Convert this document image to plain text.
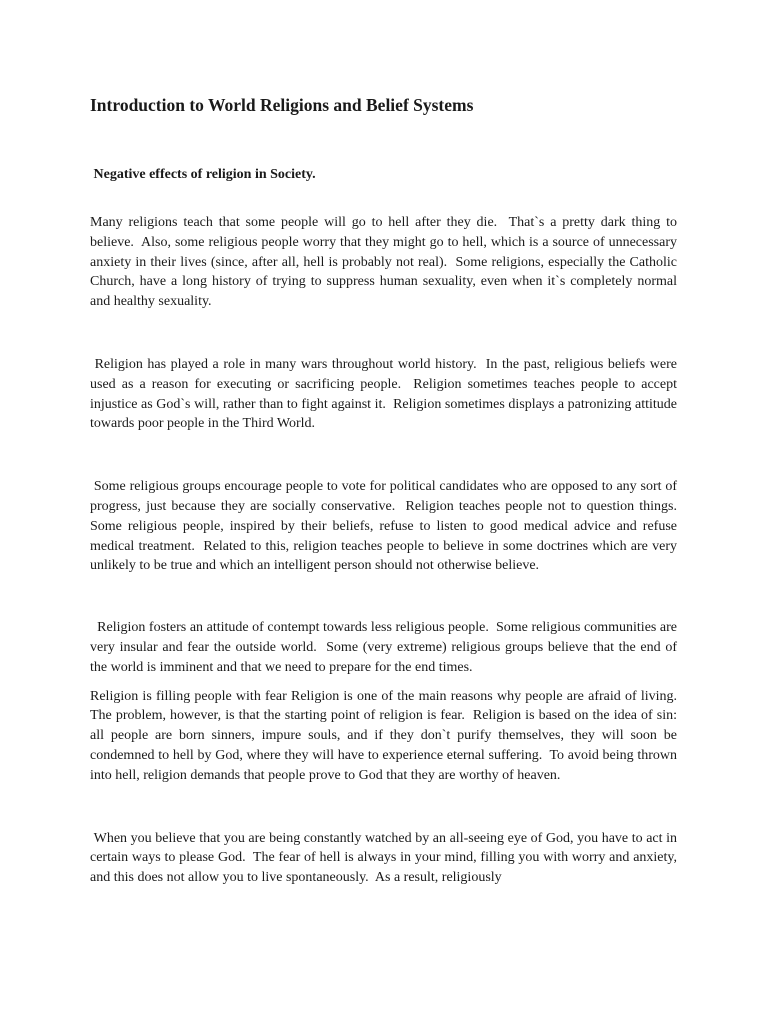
Introduction to World Religions and Belief Systems

Negative effects of religion in Society.

Many religions teach that some people will go to hell after they die.  That`s a pretty dark thing to believe.  Also, some religious people worry that they might go to hell, which is a source of unnecessary anxiety in their lives (since, after all, hell is probably not real).  Some religions, especially the Catholic Church, have a long history of trying to suppress human sexuality, even when it`s completely normal and healthy sexuality.

Religion has played a role in many wars throughout world history.  In the past, religious beliefs were used as a reason for executing or sacrificing people.  Religion sometimes teaches people to accept injustice as God`s will, rather than to fight against it.  Religion sometimes displays a patronizing attitude towards poor people in the Third World.

Some religious groups encourage people to vote for political candidates who are opposed to any sort of progress, just because they are socially conservative.  Religion teaches people not to question things.  Some religious people, inspired by their beliefs, refuse to listen to good medical advice and refuse medical treatment.  Related to this, religion teaches people to believe in some doctrines which are very unlikely to be true and which an intelligent person should not otherwise believe.

Religion fosters an attitude of contempt towards less religious people.  Some religious communities are very insular and fear the outside world.  Some (very extreme) religious groups believe that the end of the world is imminent and that we need to prepare for the end times.

Religion is filling people with fear Religion is one of the main reasons why people are afraid of living.  The problem, however, is that the starting point of religion is fear.  Religion is based on the idea of sin: all people are born sinners, impure souls, and if they don`t purify themselves, they will soon be condemned to hell by God, where they will have to experience eternal suffering.  To avoid being thrown into hell, religion demands that people prove to God that they are worthy of heaven.

When you believe that you are being constantly watched by an all-seeing eye of God, you have to act in certain ways to please God.  The fear of hell is always in your mind, filling you with worry and anxiety, and this does not allow you to live spontaneously.  As a result, religiously
